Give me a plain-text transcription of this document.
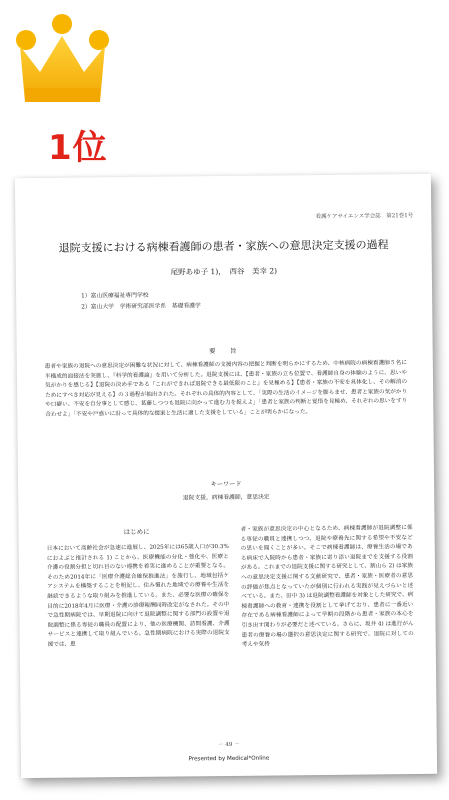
1位
看護ケアサイエンス学会誌　第21巻1号
退院支援における病棟看護師の患者・家族への意思決定支援の過程
尾野あゆ子 1)，　西谷　美幸 2)
1）富山医療福祉専門学校
2）富山大学　学術研究部医学系　基礎看護学
要　旨
患者や家族の退院への意思決定が困難な状況に対して、病棟看護師の支援内容の把握と判断を明らかにするため、中核病院の病棟看護師５名に半構成的面接法を実施し、『科学的看護論』を用いて分析した。退院支援には、【患者・家族の立ち位置で、看護師自身の体験のように、思いや気がかりを感じる】【退院の決め手である『これができれば退院できる最低限のこと』を見極める】【患者・家族の不安を具体化し、その解消のためにすべき対応が見える】の３過程が抽出された。それぞれの具体的内容として、「実際の生活のイメージを膨らませ、患者と家族の気がかりや口癖い、不安を自分事として感じ、葛藤しつつも退院に向かって進む力を捉えよ」「患者と家族の判断と覚悟を見極め、それぞれの思いをすり合わせよ」「不安や戸惑いに沿って具体的な提案と生活に適した支援をしている」ことが明らかになった。
キーワード
退院支援，病棟看護師，意思決定
はじめに
日本において高齢社会が急速に進展し、2025年には65歳人口が30.3%におよぶと推計される 1) ことから、医療機能の分化・強化や、医療と介護の役割分担と切れ目のない連携を着実に進めることが重要となる。そのため2014年に「医療介護総合確保推進法」を施行し、地域包括ケアシステムを構築することを明記し、住み慣れた地域での療養や生活を継続できるような取り組みを推進している。また、必要な医療の確保を目的に2018年4月に医療・介護の診療報酬同時改定がなされた。その中で急性期病院では、早期退院に向けて退院調整に関する部門の設置や退院調整に係る専従の職員の配置により、他の医療機関、訪問看護、介護サービスと連携して取り組んでいる。急性期病院における実際の退院支援では、患
者・家族が意思決定の中心となるため、病棟看護師が退院調整に係る専従の職員と連携しつつ、退院や療養先に関する希望や不安などの思いを聞くことが多い。そこで病棟看護師は、療養生活の場である病床で入院時から患者・家族に寄り添い退院までを支援する役割がある。これまでの退院支援に関する研究として、割山ら 2) は家族への意思決定支援に関する文献研究で、患者・家族・医療者の意思の評価が焦点となっていたが個別に行われる実践が見えづらいと述べている。また、田中 3) は退院調整看護師を対象とした研究で、病棟看護師への教育・連携を役割として挙げており、患者に一番近い存在である病棟看護師によって早期の段階から患者・家族の本心を引き出す関わりが必要だと述べている。さらに、坂井 4) は進行がん患者の療養の場の選択の意思決定に関する研究で、退院に対しての考えや気持
－ 49 －
Presented by Medical*Online
